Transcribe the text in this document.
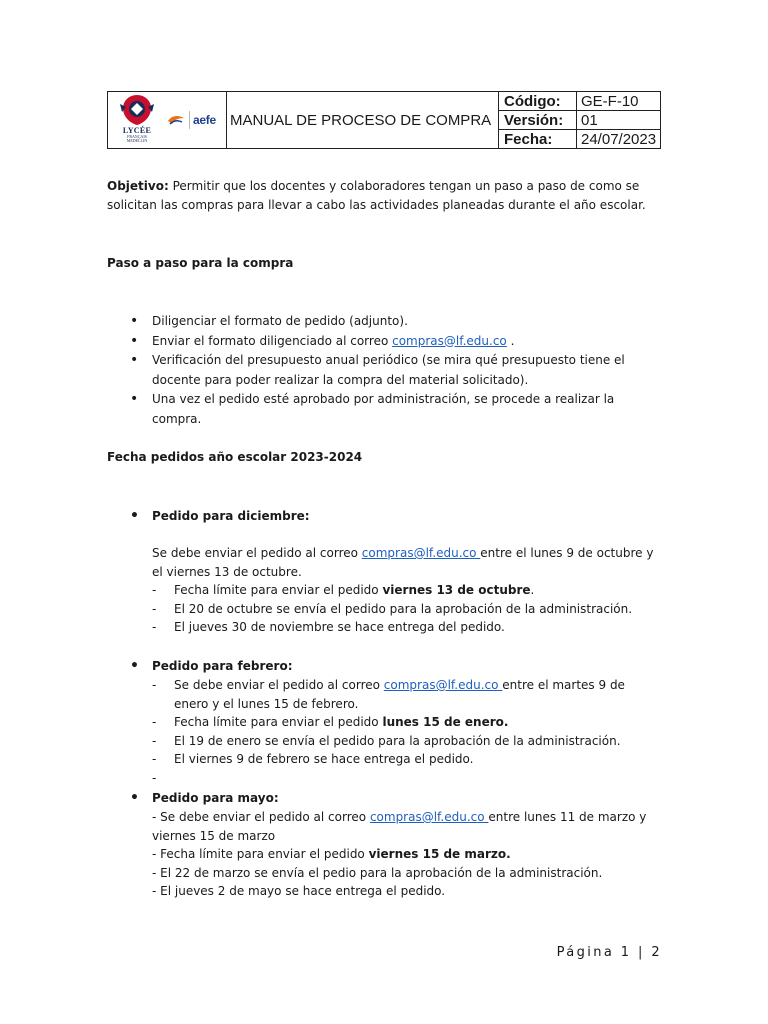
LYCÉE
FRANÇAIS
MEDELLIN
aefe	MANUAL DE PROCESO DE COMPRA	Código:	GE-F-10
		Versión:	01
		Fecha:	24/07/2023
Objetivo: Permitir que los docentes y colaboradores tengan un paso a paso de como se solicitan las compras para llevar a cabo las actividades planeadas durante el año escolar.
Paso a paso para la compra
• Diligenciar el formato de pedido (adjunto).
• Enviar el formato diligenciado al correo compras@lf.edu.co .
• Verificación del presupuesto anual periódico (se mira qué presupuesto tiene el docente para poder realizar la compra del material solicitado).
• Una vez el pedido esté aprobado por administración, se procede a realizar la compra.
Fecha pedidos año escolar 2023-2024
• Pedido para diciembre:
Se debe enviar el pedido al correo compras@lf.edu.co entre el lunes 9 de octubre y el viernes 13 de octubre.
- Fecha límite para enviar el pedido viernes 13 de octubre.
- El 20 de octubre se envía el pedido para la aprobación de la administración.
- El jueves 30 de noviembre se hace entrega del pedido.
• Pedido para febrero:
- Se debe enviar el pedido al correo compras@lf.edu.co entre el martes 9 de enero y el lunes 15 de febrero.
- Fecha límite para enviar el pedido lunes 15 de enero.
- El 19 de enero se envía el pedido para la aprobación de la administración.
- El viernes 9 de febrero se hace entrega el pedido.
-
• Pedido para mayo:
- Se debe enviar el pedido al correo compras@lf.edu.co entre lunes 11 de marzo y viernes 15 de marzo
- Fecha límite para enviar el pedido viernes 15 de marzo.
- El 22 de marzo se envía el pedio para la aprobación de la administración.
- El jueves 2 de mayo se hace entrega el pedido.
Página 1 | 2
